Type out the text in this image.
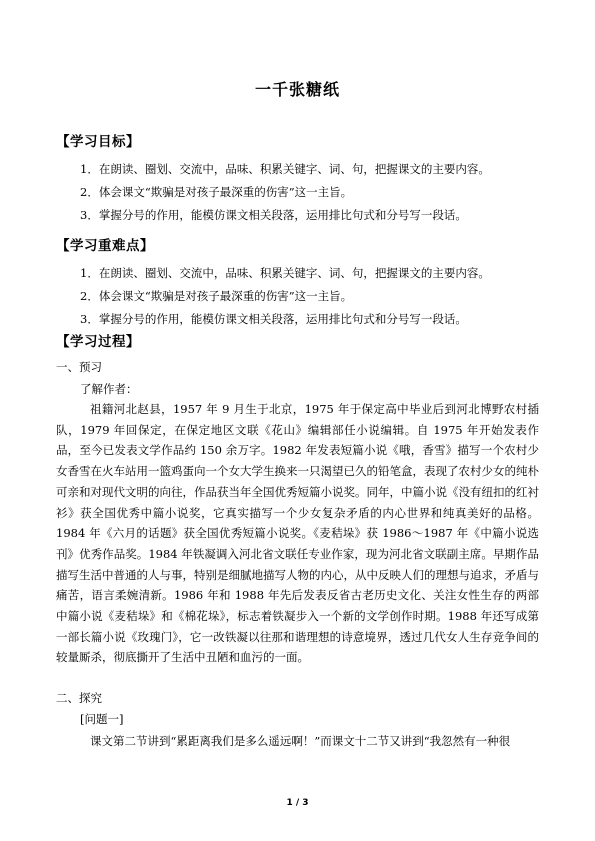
一千张糖纸
【学习目标】
1．在朗读、圈划、交流中，品味、积累关键字、词、句，把握课文的主要内容。
2．体会课文“欺骗是对孩子最深重的伤害”这一主旨。
3．掌握分号的作用，能模仿课文相关段落，运用排比句式和分号写一段话。
【学习重难点】
1．在朗读、圈划、交流中，品味、积累关键字、词、句，把握课文的主要内容。
2．体会课文“欺骗是对孩子最深重的伤害”这一主旨。
3．掌握分号的作用，能模仿课文相关段落，运用排比句式和分号写一段话。
【学习过程】
一、预习
了解作者：

祖籍河北赵县，1957 年 9 月生于北京，1975 年于保定高中毕业后到河北博野农村插队，1979 年回保定，在保定地区文联《花山》编辑部任小说编辑。自 1975 年开始发表作品，至今已发表文学作品约 150 余万字。1982 年发表短篇小说《哦，香雪》描写一个农村少女香雪在火车站用一篮鸡蛋向一个女大学生换来一只渴望已久的铅笔盒，表现了农村少女的纯朴可亲和对现代文明的向往，作品获当年全国优秀短篇小说奖。同年，中篇小说《没有纽扣的红衬衫》获全国优秀中篇小说奖，它真实描写一个少女复杂矛盾的内心世界和纯真美好的品格。1984 年《六月的话题》获全国优秀短篇小说奖。《麦秸垛》获 1986～1987 年《中篇小说选刊》优秀作品奖。1984 年铁凝调入河北省文联任专业作家，现为河北省文联副主席。早期作品描写生活中普通的人与事，特别是细腻地描写人物的内心，从中反映人们的理想与追求，矛盾与痛苦，语言柔婉清新。1986 年和 1988 年先后发表反省古老历史文化、关注女性生存的两部中篇小说《麦秸垛》和《棉花垛》，标志着铁凝步入一个新的文学创作时期。1988 年还写成第一部长篇小说《玫瑰门》，它一改铁凝以往那和谐理想的诗意境界，透过几代女人生存竞争间的较量厮杀，彻底撕开了生活中丑陋和血污的一面。

二、探究
[问题一]

课文第二节讲到“累距离我们是多么遥远啊！”而课文十二节又讲到“我忽然有一种很

1 / 3
